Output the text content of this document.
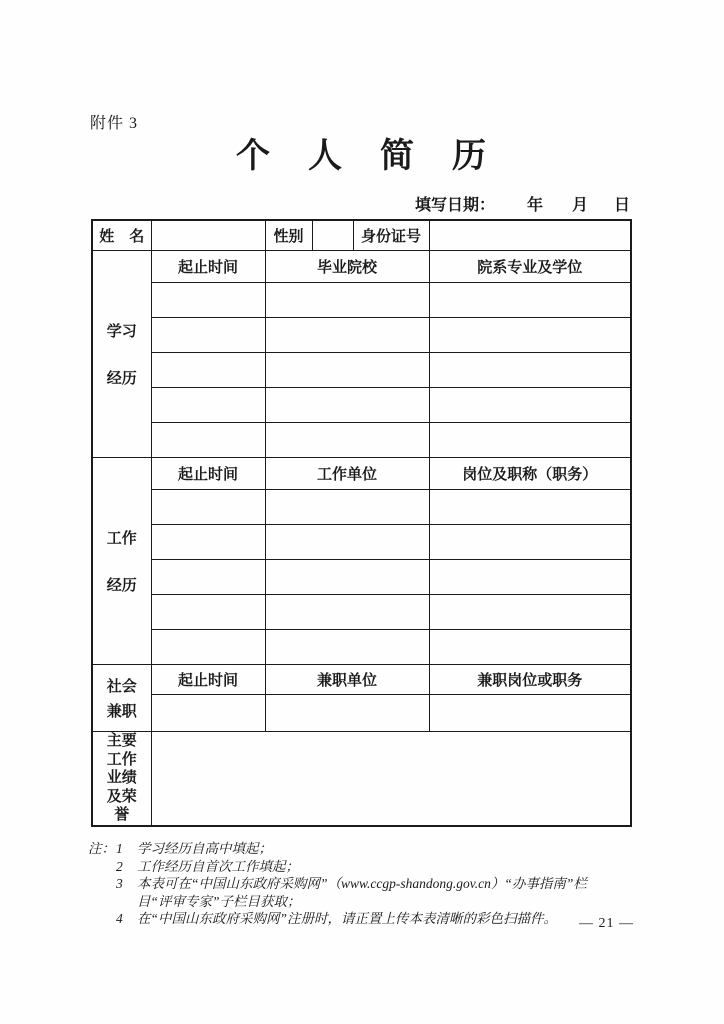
附件 3
个　人　简　历
填写日期： 年 月 日
姓　名		性别		身份证号	

学习
经历	起止时间	毕业院校			院系专业及学位

工作
经历	起止时间	工作单位			岗位及职称（职务）

社会
兼职	起止时间	兼职单位			兼职岗位或职务

主要
工作
业绩
及荣
誉					

注： 1	学习经历自高中填起；
2	工作经历自首次工作填起；
3	本表可在“中国山东政府采购网”（www.ccgp-shandong.gov.cn）“办事指南”栏目“评审专家”子栏目获取；
4	在“中国山东政府采购网”注册时，请正置上传本表清晰的彩色扫描件。	— 21 —
